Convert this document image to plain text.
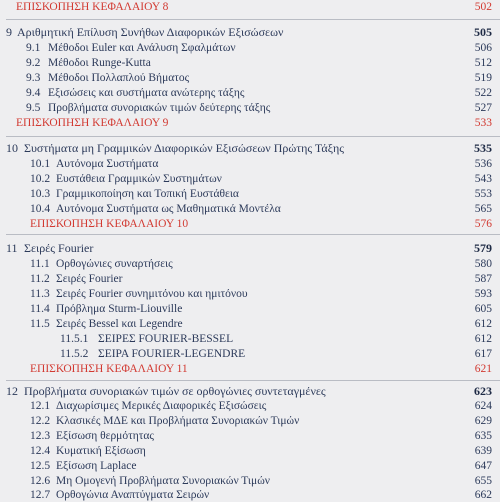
ΕΠΙΣΚΟΠΗΣΗ ΚΕΦΑΛΑΙΟΥ 8	502
9 Αριθμητική Επίλυση Συνήθων Διαφορικών Εξισώσεων	505
9.1 Μέθοδοι Euler και Ανάλυση Σφαλμάτων	506
9.2 Μέθοδοι Runge-Kutta	512
9.3 Μέθοδοι Πολλαπλού Βήματος	519
9.4 Εξισώσεις και συστήματα ανώτερης τάξης	522
9.5 Προβλήματα συνοριακών τιμών δεύτερης τάξης	527
ΕΠΙΣΚΟΠΗΣΗ ΚΕΦΑΛΑΙΟΥ 9	533
10 Συστήματα μη Γραμμικών Διαφορικών Εξισώσεων Πρώτης Τάξης	535
10.1 Αυτόνομα Συστήματα	536
10.2 Ευστάθεια Γραμμικών Συστημάτων	543
10.3 Γραμμικοποίηση και Τοπική Ευστάθεια	553
10.4 Αυτόνομα Συστήματα ως Μαθηματικά Μοντέλα	565
ΕΠΙΣΚΟΠΗΣΗ ΚΕΦΑΛΑΙΟΥ 10	576
11 Σειρές Fourier	579
11.1 Ορθογώνιες συναρτήσεις	580
11.2 Σειρές Fourier	587
11.3 Σειρές Fourier συνημιτόνου και ημιτόνου	593
11.4 Πρόβλημα Sturm-Liouville	605
11.5 Σειρές Bessel και Legendre	612
11.5.1 ΣΕΙΡΕΣ FOURIER-BESSEL	612
11.5.2 ΣΕΙΡΑ FOURIER-LEGENDRE	617
ΕΠΙΣΚΟΠΗΣΗ ΚΕΦΑΛΑΙΟΥ 11	621
12 Προβλήματα συνοριακών τιμών σε ορθογώνιες συντεταγμένες	623
12.1 Διαχωρίσιμες Μερικές Διαφορικές Εξισώσεις	624
12.2 Κλασικές ΜΔΕ και Προβλήματα Συνοριακών Τιμών	629
12.3 Εξίσωση θερμότητας	635
12.4 Κυματική Εξίσωση	639
12.5 Εξίσωση Laplace	647
12.6 Μη Ομογενή Προβλήματα Συνοριακών Τιμών	655
12.7 Ορθογώνια Αναπτύγματα Σειρών	662
